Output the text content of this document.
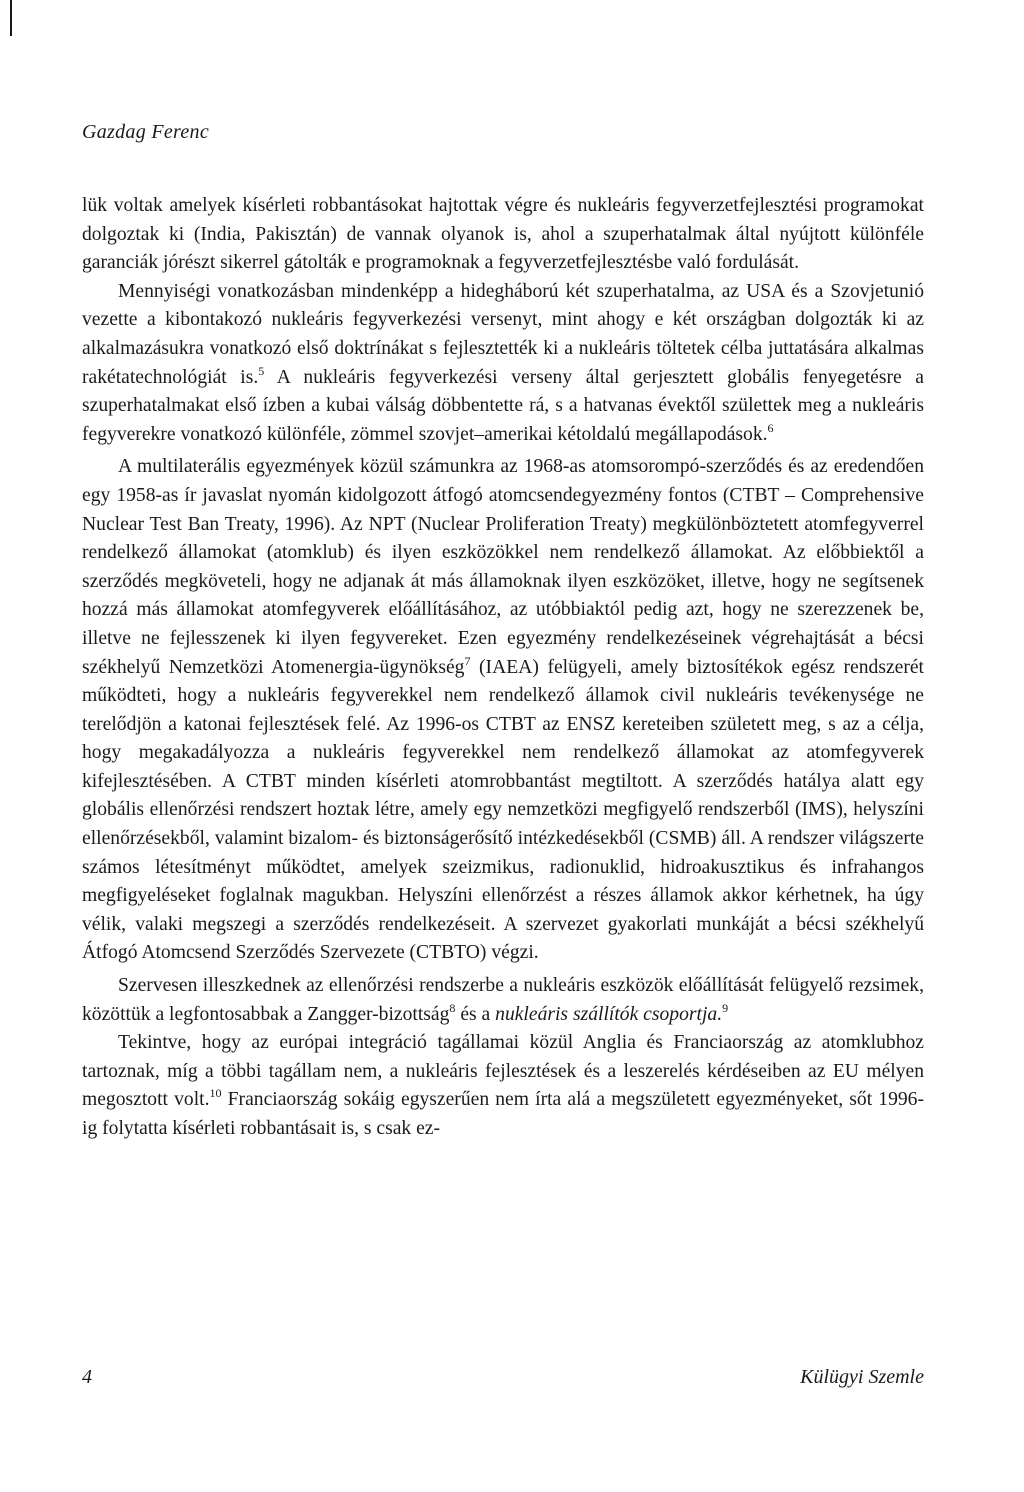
Gazdag Ferenc

lük voltak amelyek kísérleti robbantásokat hajtottak végre és nukleáris fegyverzetfejlesztési programokat dolgoztak ki (India, Pakisztán) de vannak olyanok is, ahol a szuperhatalmak által nyújtott különféle garanciák jórészt sikerrel gátolták e programoknak a fegyverzetfejlesztésbe való fordulását.

Mennyiségi vonatkozásban mindenképp a hidegháború két szuperhatalma, az USA és a Szovjetunió vezette a kibontakozó nukleáris fegyverkezési versenyt, mint ahogy e két országban dolgozták ki az alkalmazásukra vonatkozó első doktrínákat s fejlesztették ki a nukleáris töltetek célba juttatására alkalmas rakétatechnológiát is.$^5$ A nukleáris fegyverkezési verseny által gerjesztett globális fenyegetésre a szuperhatalmakat első ízben a kubai válság döbbentette rá, s a hatvanas évektől születtek meg a nukleáris fegyverekre vonatkozó különféle, zömmel szovjet–amerikai kétoldalú megállapodások.$^6$

A multilaterális egyezmények közül számunkra az 1968-as atomsorompó-szerződés és az eredendően egy 1958-as ír javaslat nyomán kidolgozott átfogó atomcsendegyezmény fontos (CTBT – Comprehensive Nuclear Test Ban Treaty, 1996). Az NPT (Nuclear Proliferation Treaty) megkülönböztetett atomfegyverrel rendelkező államokat (atomklub) és ilyen eszközökkel nem rendelkező államokat. Az előbbiektől a szerződés megköveteli, hogy ne adjanak át más államoknak ilyen eszközöket, illetve, hogy ne segítsenek hozzá más államokat atomfegyverek előállításához, az utóbbiaktól pedig azt, hogy ne szerezzenek be, illetve ne fejlesszenek ki ilyen fegyvereket. Ezen egyezmény rendelkezéseinek végrehajtását a bécsi székhelyű Nemzetközi Atomenergia-ügynökség$^7$ (IAEA) felügyeli, amely biztosítékok egész rendszerét működteti, hogy a nukleáris fegyverekkel nem rendelkező államok civil nukleáris tevékenysége ne terelődjön a katonai fejlesztések felé. Az 1996-os CTBT az ENSZ kereteiben született meg, s az a célja, hogy megakadályozza a nukleáris fegyverekkel nem rendelkező államokat az atomfegyverek kifejlesztésében. A CTBT minden kísérleti atomrobbantást megtiltott. A szerződés hatálya alatt egy globális ellenőrzési rendszert hoztak létre, amely egy nemzetközi megfigyelő rendszerből (IMS), helyszíni ellenőrzésekből, valamint bizalom- és biztonságerősítő intézkedésekből (CSMB) áll. A rendszer világszerte számos létesítményt működtet, amelyek szeizmikus, radionuklid, hidroakusztikus és infrahangos megfigyeléseket foglalnak magukban. Helyszíni ellenőrzést a részes államok akkor kérhetnek, ha úgy vélik, valaki megszegi a szerződés rendelkezéseit. A szervezet gyakorlati munkáját a bécsi székhelyű Átfogó Atomcsend Szerződés Szervezete (CTBTO) végzi.

Szervesen illeszkednek az ellenőrzési rendszerbe a nukleáris eszközök előállítását felügyelő rezsimek, közöttük a legfontosabbak a Zangger-bizottság$^8$ és a nukleáris szállítók csoportja.$^9$

Tekintve, hogy az európai integráció tagállamai közül Anglia és Franciaország az atomklubhoz tartoznak, míg a többi tagállam nem, a nukleáris fejlesztések és a leszerelés kérdéseiben az EU mélyen megosztott volt.$^{10}$ Franciaország sokáig egyszerűen nem írta alá a megszületett egyezményeket, sőt 1996-ig folytatta kísérleti robbantásait is, s csak ez-

4	Külügyi Szemle
